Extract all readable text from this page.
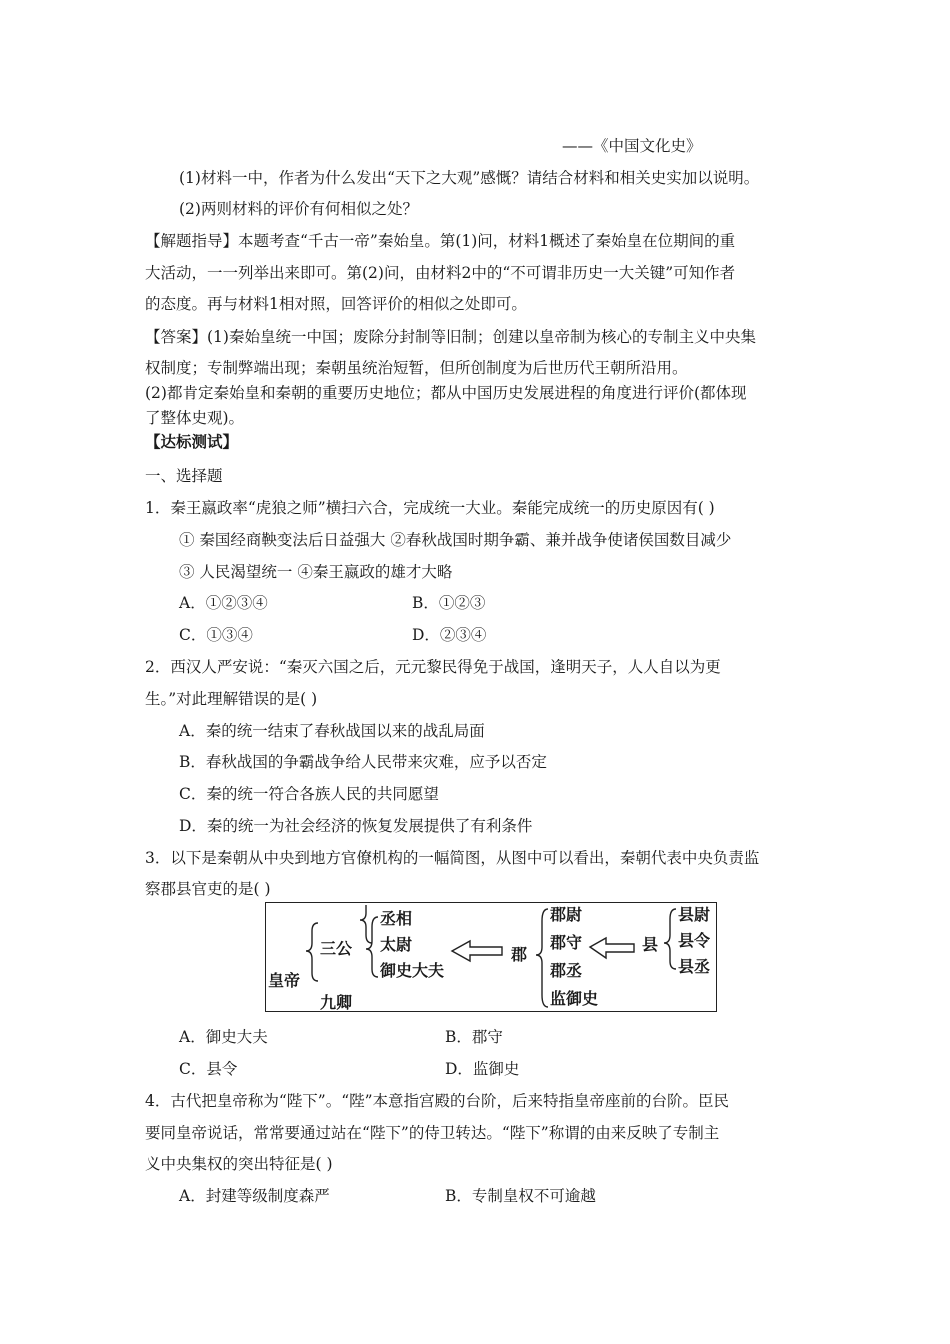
——《中国文化史》
(1)材料一中，作者为什么发出“天下之大观”感慨？请结合材料和相关史实加以说明。
(2)两则材料的评价有何相似之处？
【解题指导】本题考查“千古一帝”秦始皇。第(1)问，材料1概述了秦始皇在位期间的重
大活动，一一列举出来即可。第(2)问，由材料2中的“不可谓非历史一大关键”可知作者
的态度。再与材料1相对照，回答评价的相似之处即可。
【答案】(1)秦始皇统一中国；废除分封制等旧制；创建以皇帝制为核心的专制主义中央集
权制度；专制弊端出现；秦朝虽统治短暂，但所创制度为后世历代王朝所沿用。
(2)都肯定秦始皇和秦朝的重要历史地位；都从中国历史发展进程的角度进行评价(都体现
了整体史观)。
【达标测试】
一、选择题
1．秦王嬴政率“虎狼之师”横扫六合，完成统一大业。秦能完成统一的历史原因有( )
① 秦国经商鞅变法后日益强大 ②春秋战国时期争霸、兼并战争使诸侯国数目减少
③ 人民渴望统一 ④秦王嬴政的雄才大略
A．①②③④	B．①②③
C．①③④	D．②③④
2．西汉人严安说：“秦灭六国之后，元元黎民得免于战国，逢明天子，人人自以为更
生。”对此理解错误的是( )
A．秦的统一结束了春秋战国以来的战乱局面
B．春秋战国的争霸战争给人民带来灾难，应予以否定
C．秦的统一符合各族人民的共同愿望
D．秦的统一为社会经济的恢复发展提供了有利条件
3．以下是秦朝从中央到地方官僚机构的一幅简图，从图中可以看出，秦朝代表中央负责监
察郡县官吏的是( )
皇帝
三公
九卿
丞相
太尉
御史大夫
郡
郡尉
郡守
郡丞
监御史
县
县尉
县令
县丞
A．御史大夫	B．郡守
C．县令	D．监御史
4．古代把皇帝称为“陛下”。“陛”本意指宫殿的台阶，后来特指皇帝座前的台阶。臣民
要同皇帝说话，常常要通过站在“陛下”的侍卫转达。“陛下”称谓的由来反映了专制主
义中央集权的突出特征是( )
A．封建等级制度森严	B．专制皇权不可逾越
